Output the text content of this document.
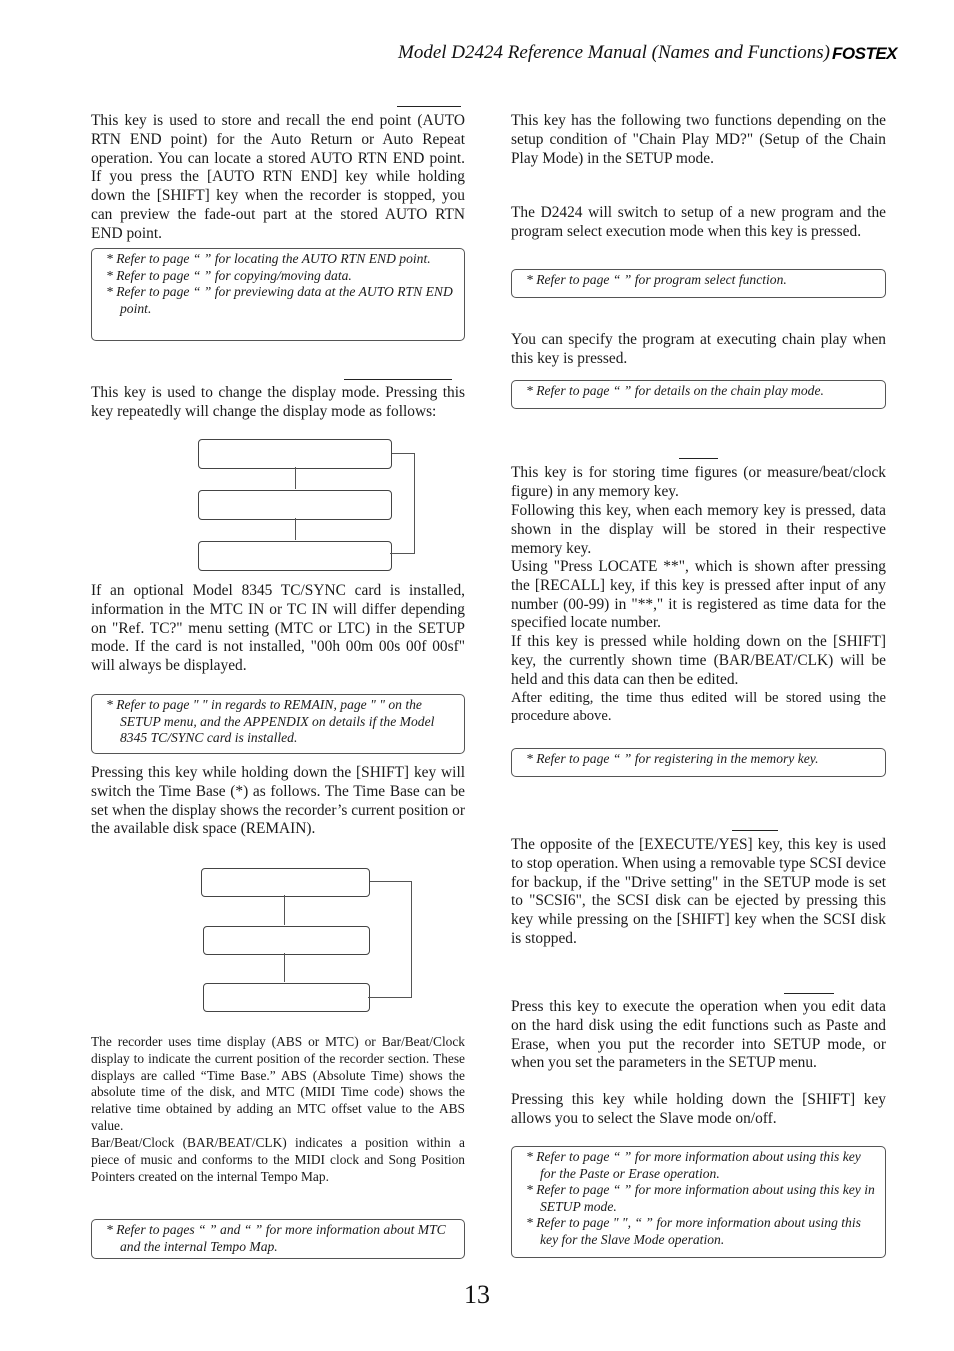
Model D2424 Reference Manual (Names and Functions) FOSTEX

This key is used to store and recall the end point (AUTO RTN END point) for the Auto Return or Auto Repeat operation. You can locate a stored AUTO RTN END point. If you press the [AUTO RTN END] key while holding down the [SHIFT] key when the recorder is stopped, you can preview the fade-out part at the stored AUTO RTN END point.

* Refer to page “ ” for locating the AUTO RTN END point.
* Refer to page “ ” for copying/moving data.
* Refer to page “ ” for previewing data at the AUTO RTN END point.

This key is used to change the display mode. Pressing this key repeatedly will change the display mode as follows:

If an optional Model 8345 TC/SYNC card is installed, information in the MTC IN or TC IN will differ depending on "Ref. TC?" menu setting (MTC or LTC) in the SETUP mode. If the card is not installed, "00h 00m 00s 00f 00sf" will always be displayed.

* Refer to page " " in regards to REMAIN, page " " on the SETUP menu, and the APPENDIX on details if the Model 8345 TC/SYNC card is installed.

Pressing this key while holding down the [SHIFT] key will switch the Time Base (*) as follows. The Time Base can be set when the display shows the recorder’s current position or the available disk space (REMAIN).

The recorder uses time display (ABS or MTC) or Bar/Beat/Clock display to indicate the current position of the recorder section. These displays are called “Time Base.” ABS (Absolute Time) shows the absolute time of the disk, and MTC (MIDI Time code) shows the relative time obtained by adding an MTC offset value to the ABS value.

Bar/Beat/Clock (BAR/BEAT/CLK) indicates a position within a piece of music and conforms to the MIDI clock and Song Position Pointers created on the internal Tempo Map.

* Refer to pages “ ” and “ ” for more information about MTC and the internal Tempo Map.

This key has the following two functions depending on the setup condition of "Chain Play MD?" (Setup of the Chain Play Mode) in the SETUP mode.

The D2424 will switch to setup of a new program and the program select execution mode when this key is pressed.

* Refer to page “ ” for program select function.

You can specify the program at executing chain play when this key is pressed.

* Refer to page “ ” for details on the chain play mode.

This key is for storing time figures (or measure/beat/clock figure) in any memory key.

Following this key, when each memory key is pressed, data shown in the display will be stored in their respective memory key.

Using "Press LOCATE **", which is shown after pressing the [RECALL] key, if this key is pressed after input of any number (00-99) in "**," it is registered as time data for the specified locate number.

If this key is pressed while holding down on the [SHIFT] key, the currently shown time (BAR/BEAT/CLK) will be held and this data can then be edited.

After editing, the time thus edited will be stored using the procedure above.

* Refer to page “ ” for registering in the memory key.

The opposite of the [EXECUTE/YES] key, this key is used to stop operation. When using a removable type SCSI device for backup, if the "Drive setting" in the SETUP mode is set to "SCSI6", the SCSI disk can be ejected by pressing this key while pressing on the [SHIFT] key when the SCSI disk is stopped.

Press this key to execute the operation when you edit data on the hard disk using the edit functions such as Paste and Erase, when you put the recorder into SETUP mode, or when you set the parameters in the SETUP menu.

Pressing this key while holding down the [SHIFT] key allows you to select the Slave mode on/off.

* Refer to page “ ” for more information about using this key for the Paste or Erase operation.
* Refer to page “ ” for more information about using this key in SETUP mode.
* Refer to page " ", “ ” for more information about using this key for the Slave Mode operation.
13
